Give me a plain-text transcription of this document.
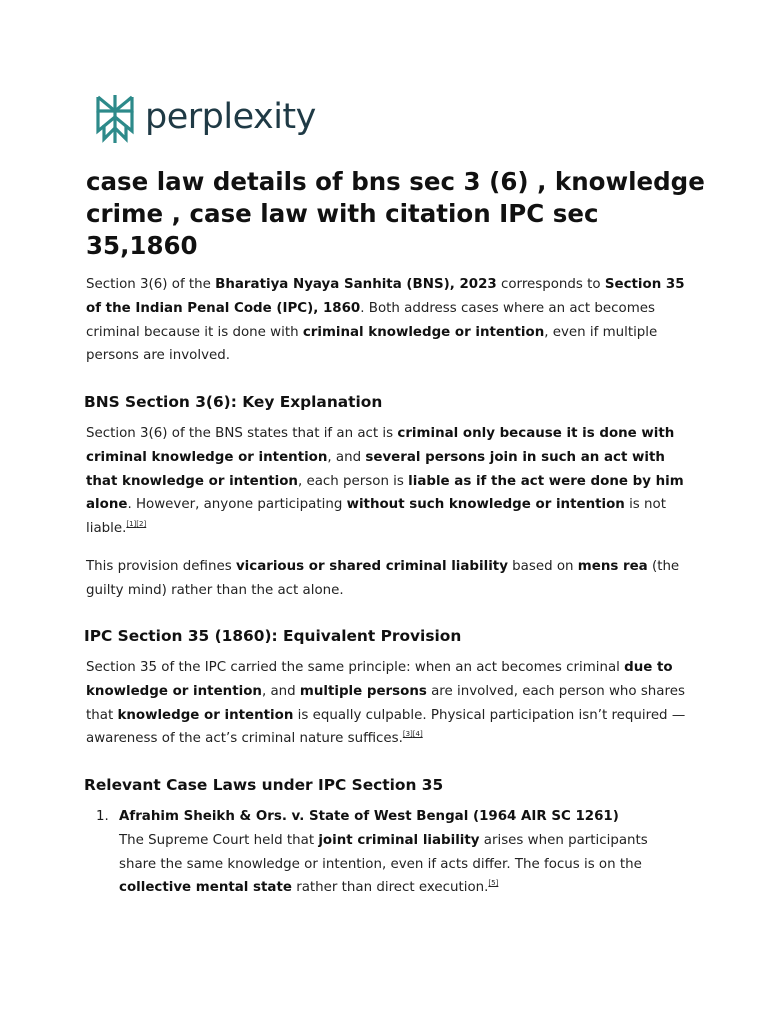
perplexity
case law details of bns sec 3 (6) , knowledge crime , case law with citation IPC sec 35,1860

Section 3(6) of the Bharatiya Nyaya Sanhita (BNS), 2023 corresponds to Section 35 of the Indian Penal Code (IPC), 1860. Both address cases where an act becomes criminal because it is done with criminal knowledge or intention, even if multiple persons are involved.

BNS Section 3(6): Key Explanation

Section 3(6) of the BNS states that if an act is criminal only because it is done with criminal knowledge or intention, and several persons join in such an act with that knowledge or intention, each person is liable as if the act were done by him alone. However, anyone participating without such knowledge or intention is not liable.[1][2]

This provision defines vicarious or shared criminal liability based on mens rea (the guilty mind) rather than the act alone.

IPC Section 35 (1860): Equivalent Provision

Section 35 of the IPC carried the same principle: when an act becomes criminal due to knowledge or intention, and multiple persons are involved, each person who shares that knowledge or intention is equally culpable. Physical participation isn’t required — awareness of the act’s criminal nature suffices.[3][4]

Relevant Case Laws under IPC Section 35
1. Afrahim Sheikh & Ors. v. State of West Bengal (1964 AIR SC 1261)
The Supreme Court held that joint criminal liability arises when participants share the same knowledge or intention, even if acts differ. The focus is on the collective mental state rather than direct execution.[5]
